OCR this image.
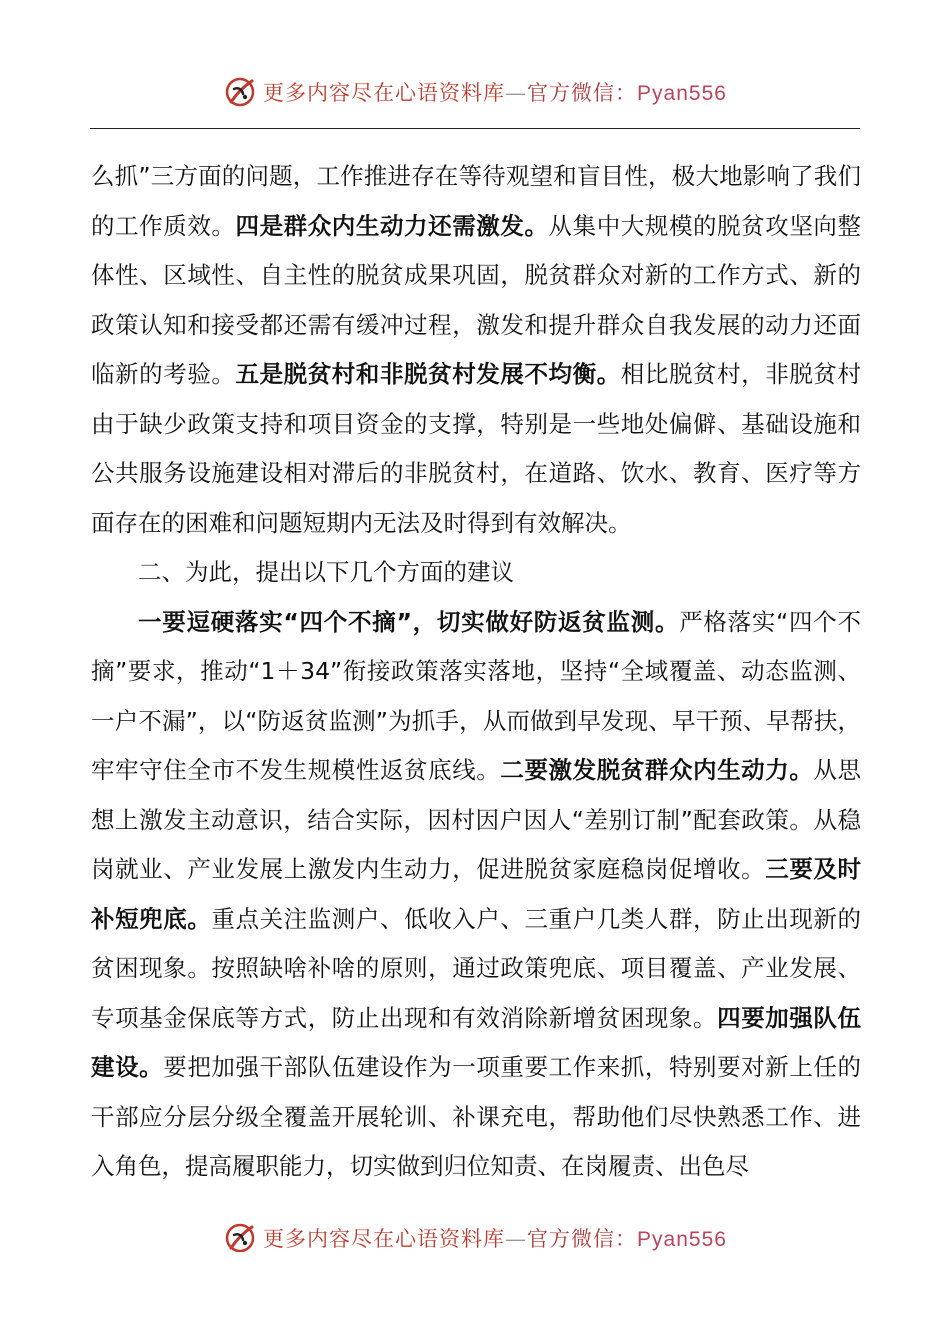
更多内容尽在心语资料库—官方微信：Pyan556

么抓”三方面的问题，工作推进存在等待观望和盲目性，极大地影响了我们的工作质效。四是群众内生动力还需激发。从集中大规模的脱贫攻坚向整体性、区域性、自主性的脱贫成果巩固，脱贫群众对新的工作方式、新的政策认知和接受都还需有缓冲过程，激发和提升群众自我发展的动力还面临新的考验。五是脱贫村和非脱贫村发展不均衡。相比脱贫村，非脱贫村由于缺少政策支持和项目资金的支撑，特别是一些地处偏僻、基础设施和公共服务设施建设相对滞后的非脱贫村，在道路、饮水、教育、医疗等方面存在的困难和问题短期内无法及时得到有效解决。

二、为此，提出以下几个方面的建议

一要逗硬落实“四个不摘”，切实做好防返贫监测。严格落实“四个不摘”要求，推动“1＋34”衔接政策落实落地，坚持“全域覆盖、动态监测、一户不漏”，以“防返贫监测”为抓手，从而做到早发现、早干预、早帮扶，牢牢守住全市不发生规模性返贫底线。二要激发脱贫群众内生动力。从思想上激发主动意识，结合实际，因村因户因人“差别订制”配套政策。从稳岗就业、产业发展上激发内生动力，促进脱贫家庭稳岗促增收。三要及时补短兜底。重点关注监测户、低收入户、三重户几类人群，防止出现新的贫困现象。按照缺啥补啥的原则，通过政策兜底、项目覆盖、产业发展、专项基金保底等方式，防止出现和有效消除新增贫困现象。四要加强队伍建设。要把加强干部队伍建设作为一项重要工作来抓，特别要对新上任的干部应分层分级全覆盖开展轮训、补课充电，帮助他们尽快熟悉工作、进入角色，提高履职能力，切实做到归位知责、在岗履责、出色尽

更多内容尽在心语资料库—官方微信：Pyan556
